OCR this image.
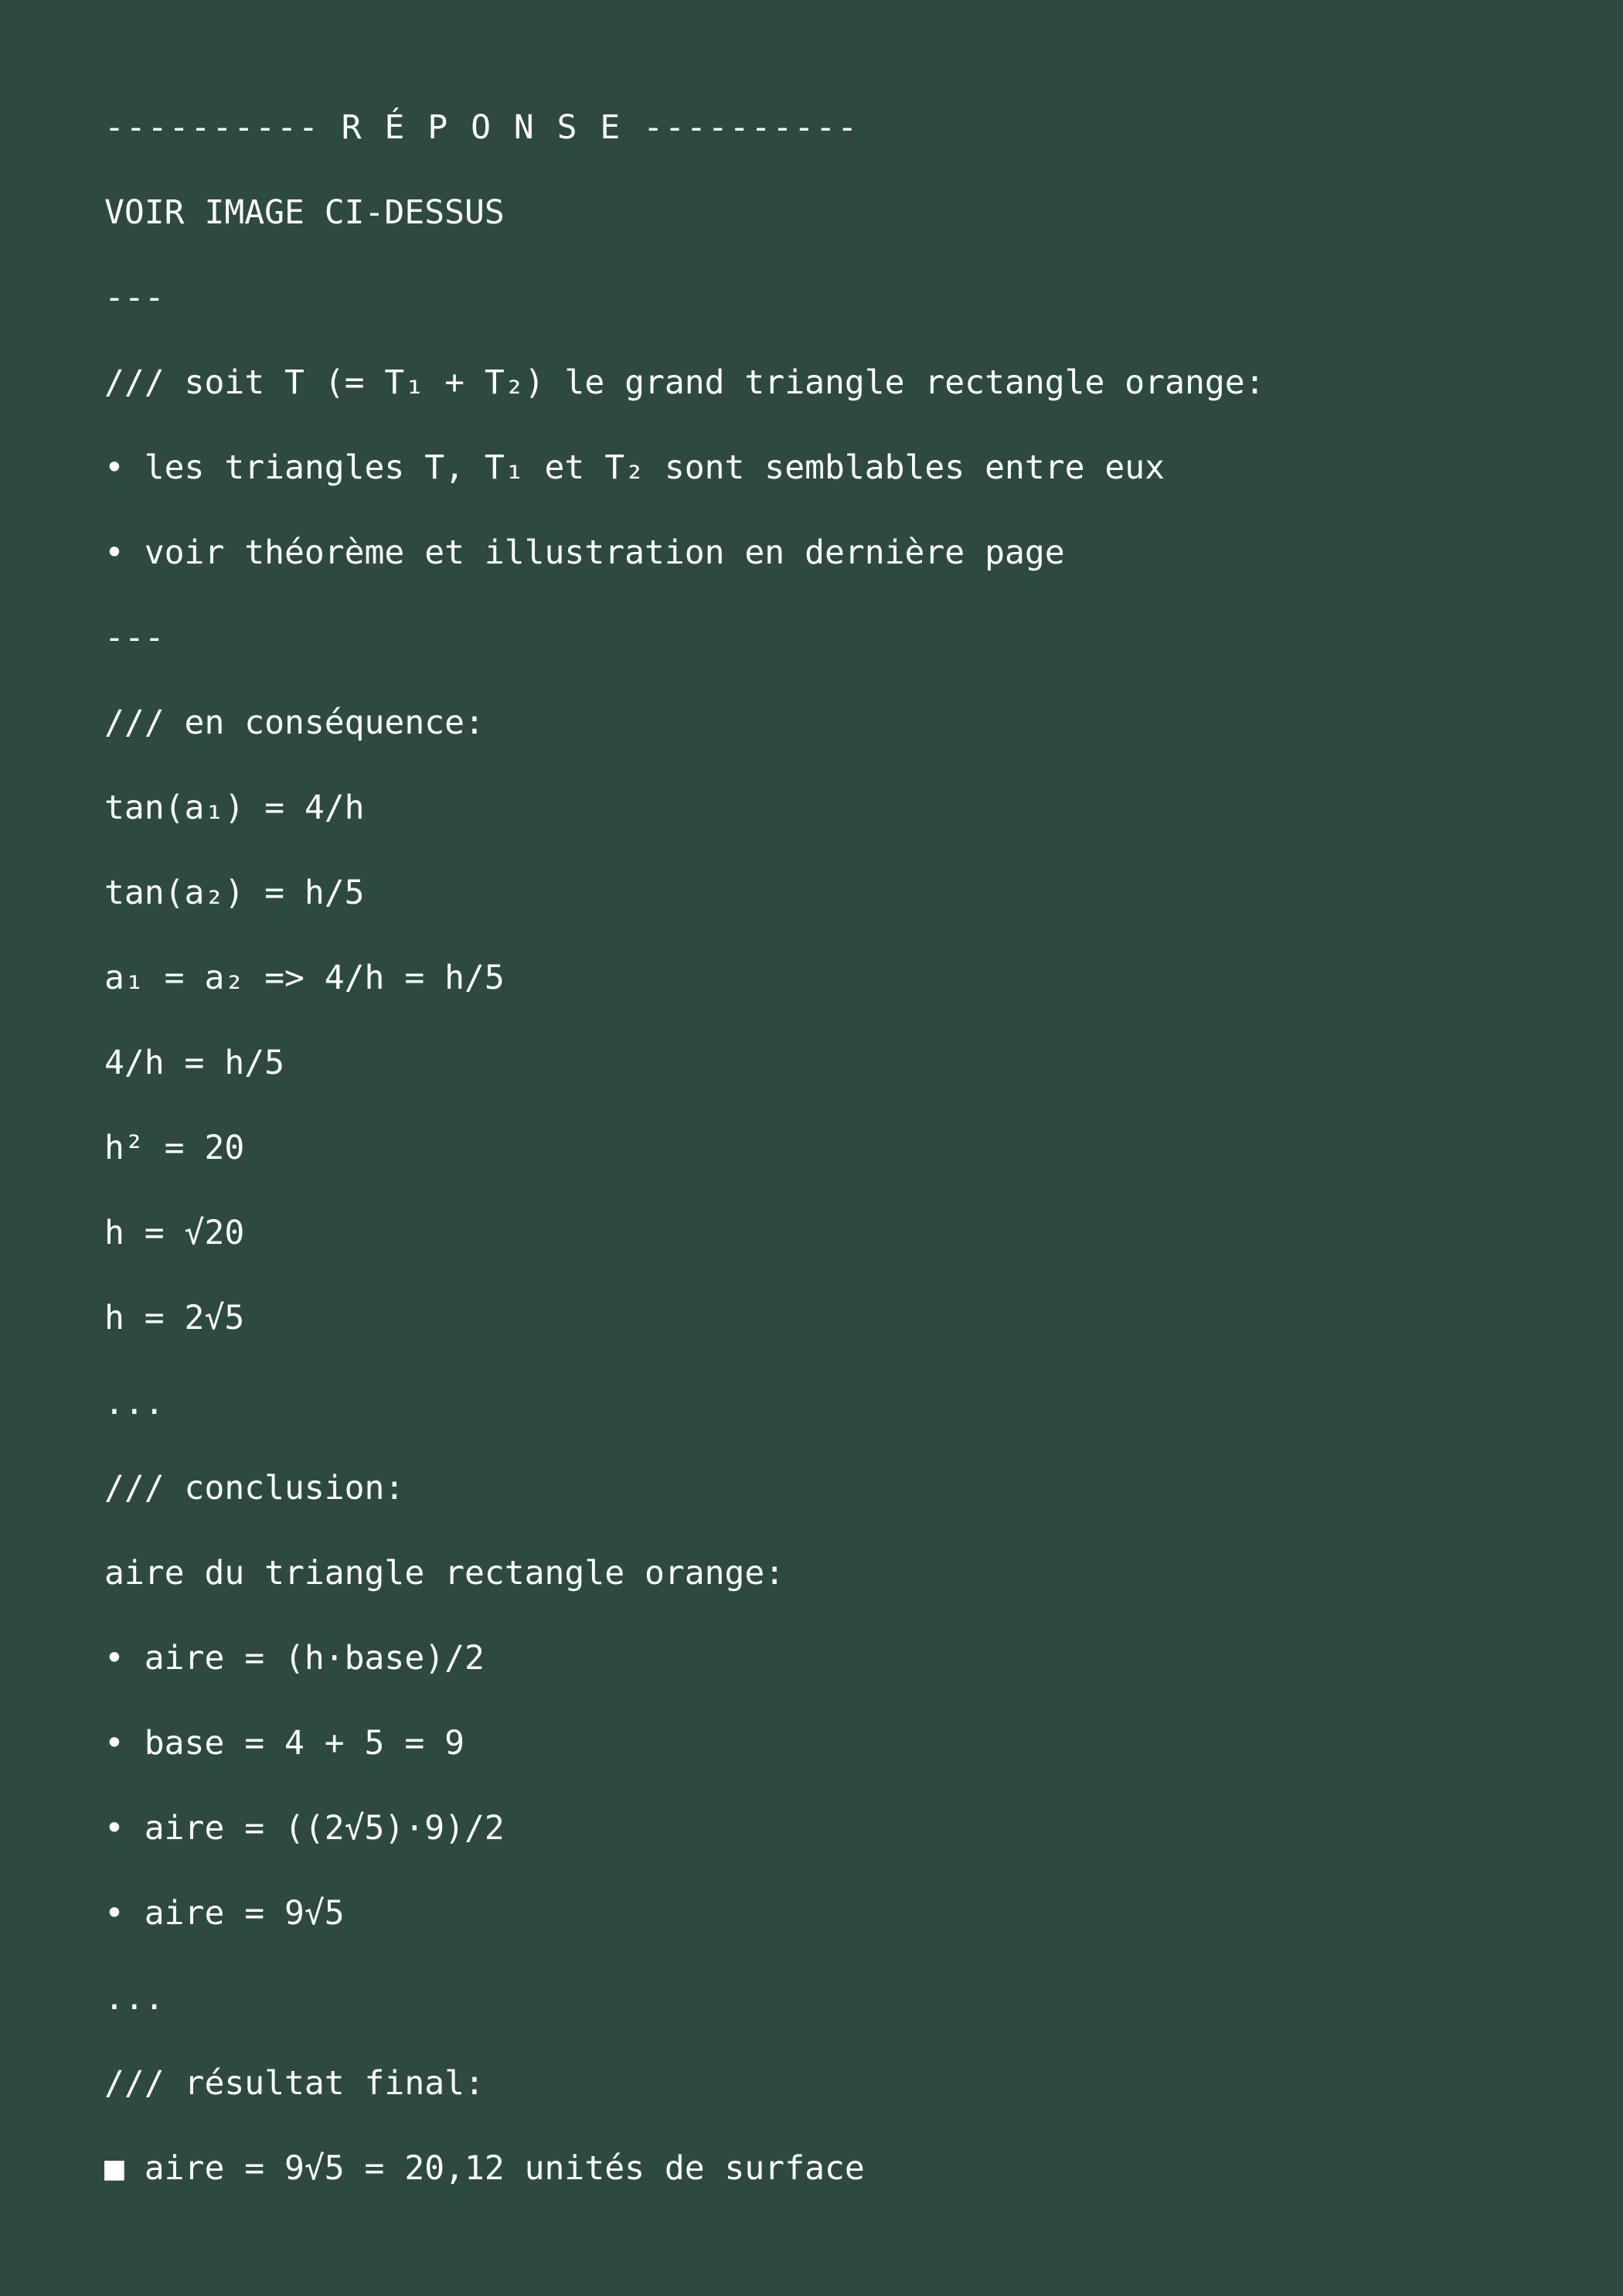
---------- R É P O N S E ----------
VOIR IMAGE CI-DESSUS
---
/// soit T (= T₁ + T₂) le grand triangle rectangle orange:
• les triangles T, T₁ et T₂ sont semblables entre eux
• voir théorème et illustration en dernière page
---
/// en conséquence:
tan(a₁) = 4/h
tan(a₂) = h/5
a₁ = a₂ => 4/h = h/5
4/h = h/5
h² = 20
h = √20
h = 2√5
...
/// conclusion:
aire du triangle rectangle orange:
• aire = (h·base)/2
• base = 4 + 5 = 9
• aire = ((2√5)·9)/2
• aire = 9√5
...
/// résultat final:
■ aire = 9√5 = 20,12 unités de surface
